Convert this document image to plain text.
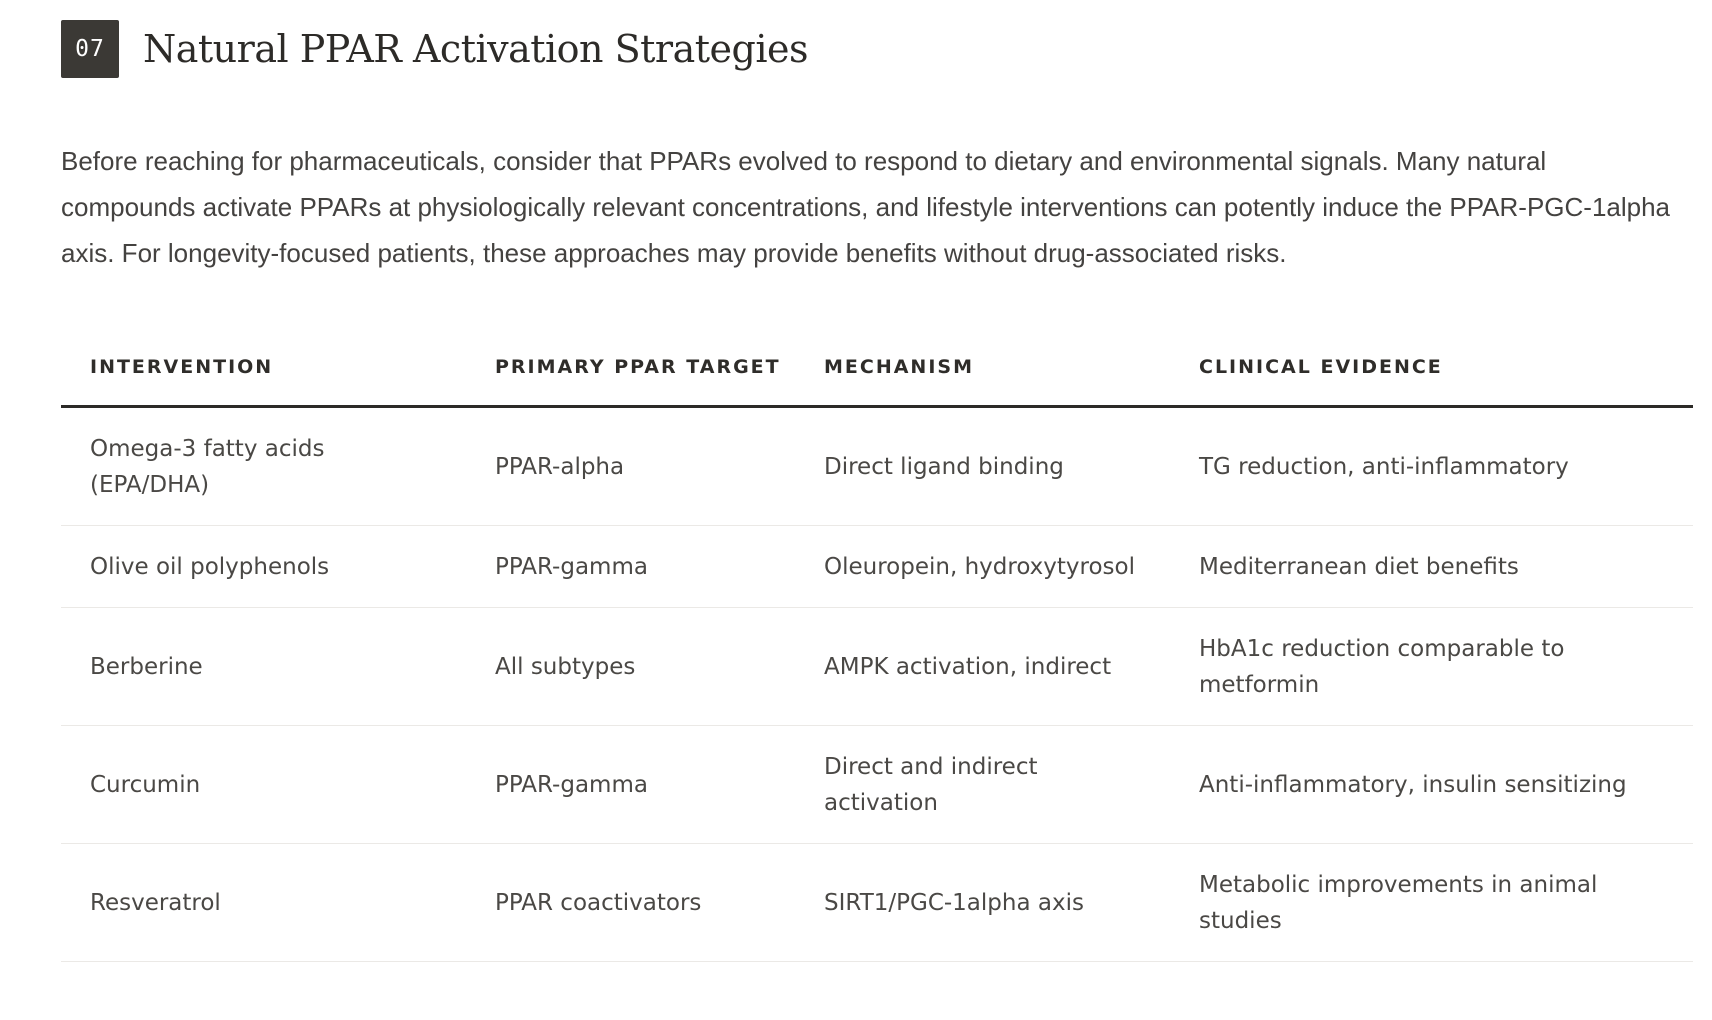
07	Natural PPAR Activation Strategies

Before reaching for pharmaceuticals, consider that PPARs evolved to respond to dietary and environmental signals. Many natural compounds activate PPARs at physiologically relevant concentrations, and lifestyle interventions can potently induce the PPAR-PGC-1alpha axis. For longevity-focused patients, these approaches may provide benefits without drug-associated risks.

INTERVENTION	PRIMARY PPAR TARGET	MECHANISM	CLINICAL EVIDENCE
Omega-3 fatty acids (EPA/DHA)	PPAR-alpha	Direct ligand binding	TG reduction, anti-inflammatory
Olive oil polyphenols	PPAR-gamma	Oleuropein, hydroxytyrosol	Mediterranean diet benefits
Berberine	All subtypes	AMPK activation, indirect	HbA1c reduction comparable to metformin
Curcumin	PPAR-gamma	Direct and indirect activation	Anti-inflammatory, insulin sensitizing
Resveratrol	PPAR coactivators	SIRT1/PGC-1alpha axis	Metabolic improvements in animal studies
